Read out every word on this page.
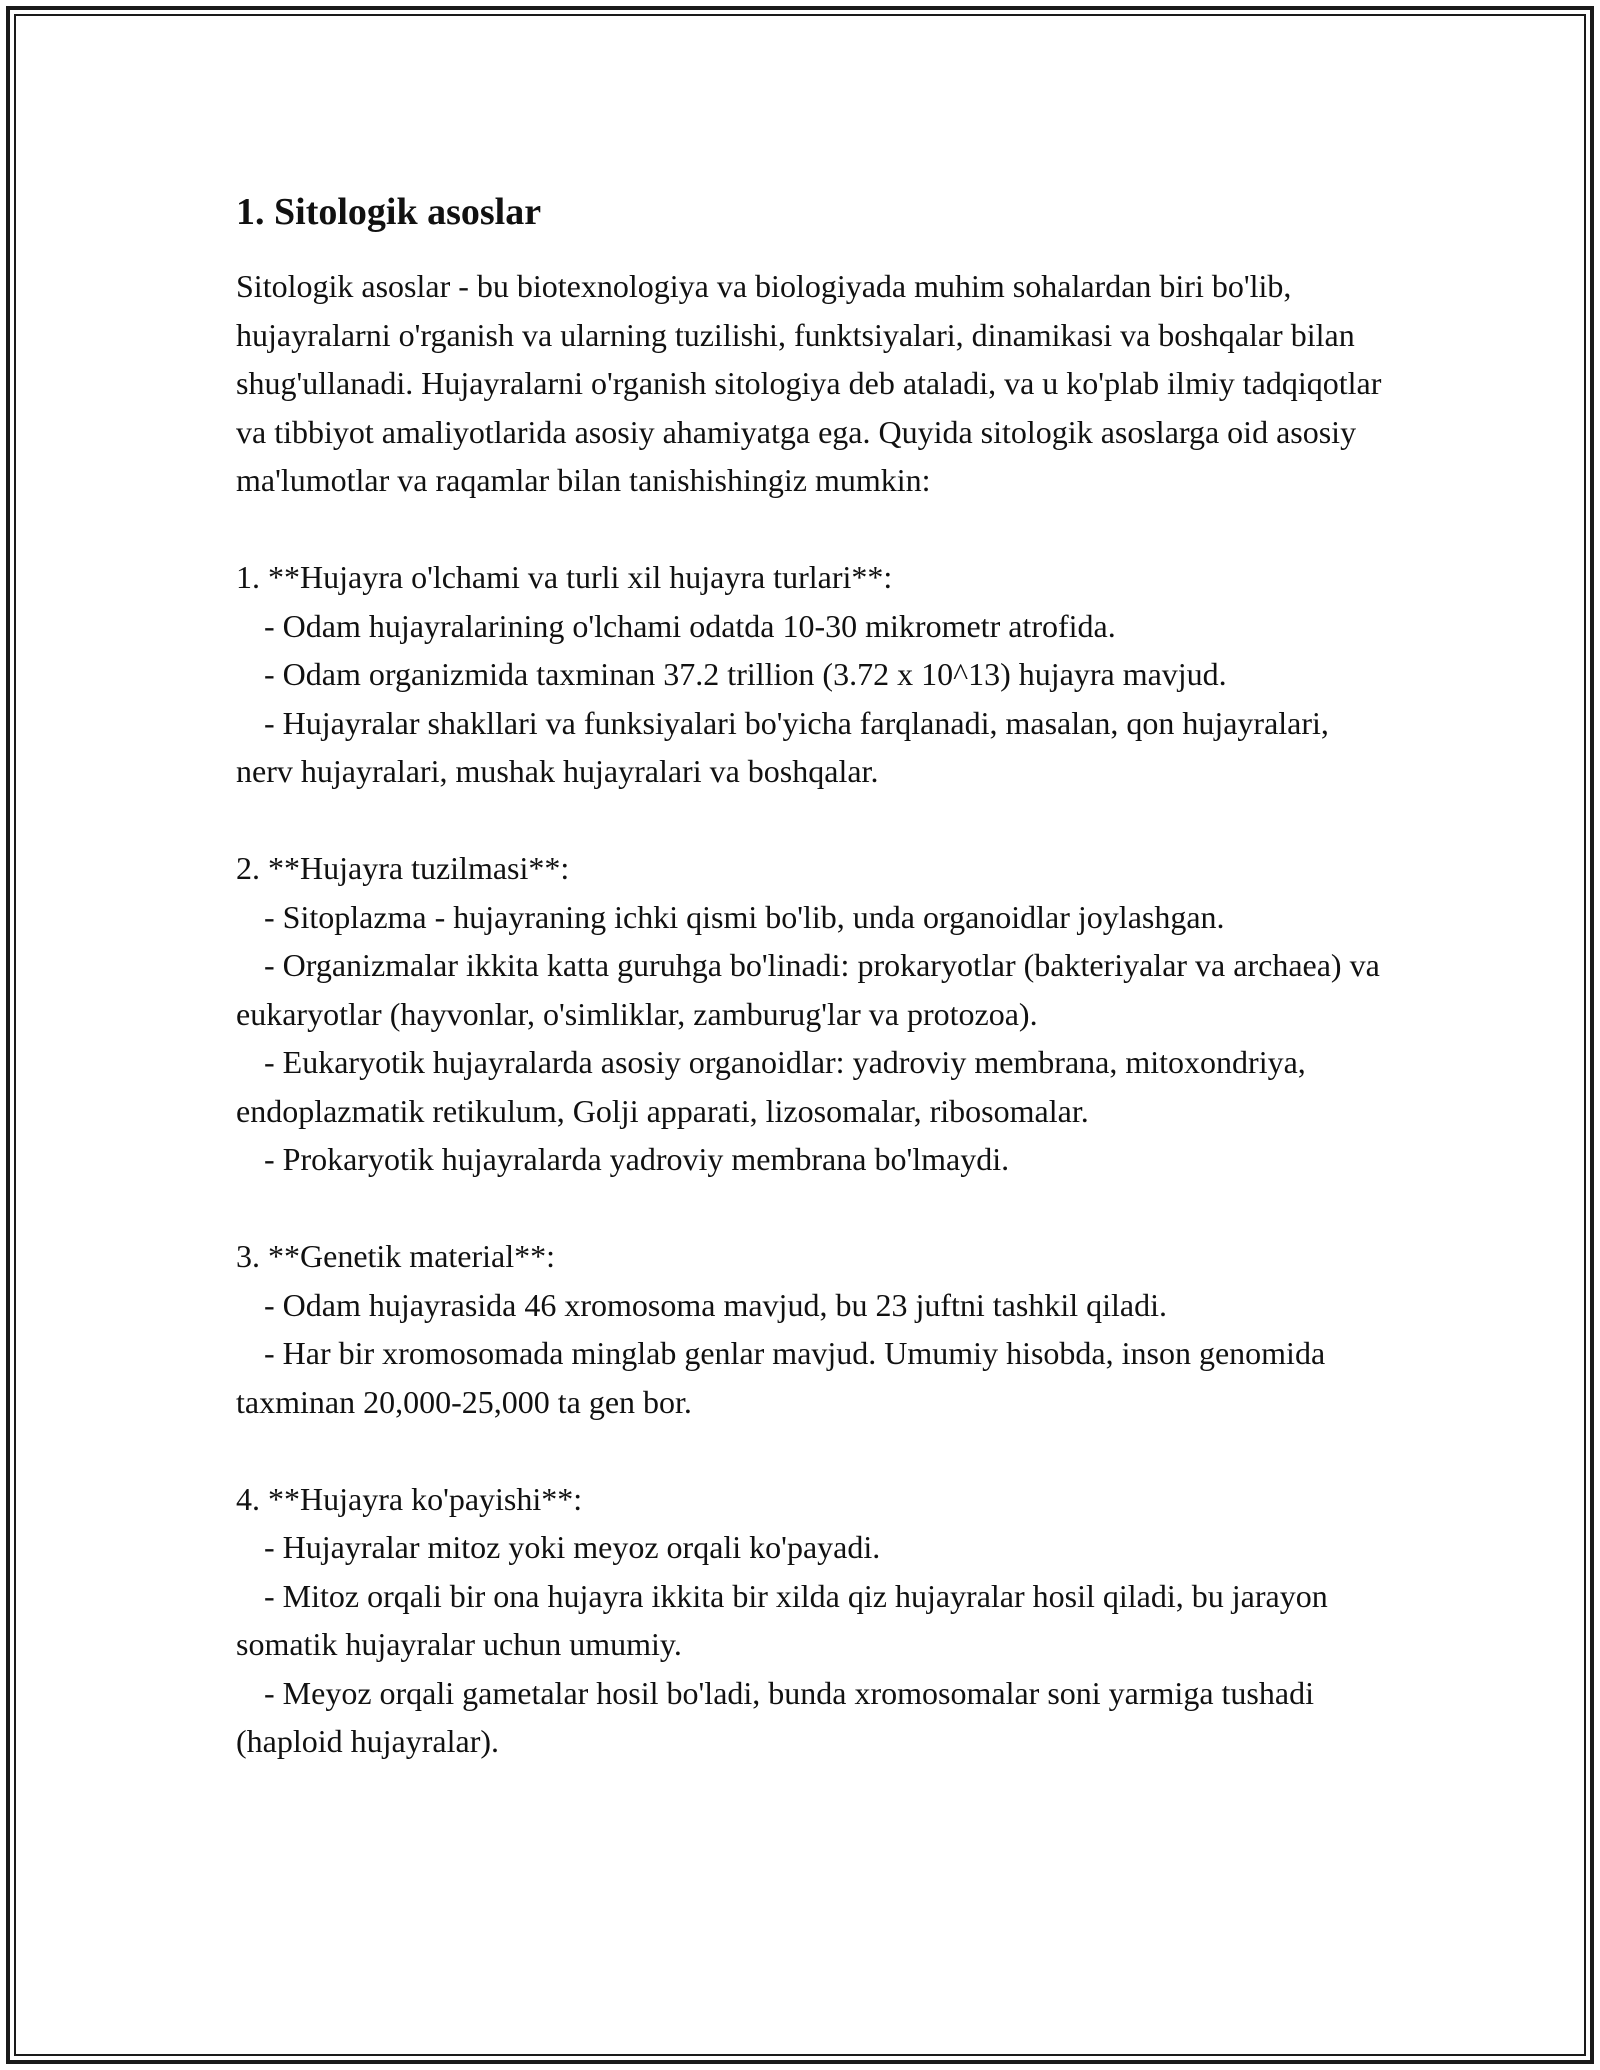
1. Sitologik asoslar

Sitologik asoslar - bu biotexnologiya va biologiyada muhim sohalardan biri bo'lib, hujayralarni o'rganish va ularning tuzilishi, funktsiyalari, dinamikasi va boshqalar bilan shug'ullanadi. Hujayralarni o'rganish sitologiya deb ataladi, va u ko'plab ilmiy tadqiqotlar va tibbiyot amaliyotlarida asosiy ahamiyatga ega. Quyida sitologik asoslarga oid asosiy ma'lumotlar va raqamlar bilan tanishishingiz mumkin:

1. **Hujayra o'lchami va turli xil hujayra turlari**:

- Odam hujayralarining o'lchami odatda 10-30 mikrometr atrofida.

- Odam organizmida taxminan 37.2 trillion (3.72 x 10^13) hujayra mavjud.

- Hujayralar shakllari va funksiyalari bo'yicha farqlanadi, masalan, qon hujayralari, nerv hujayralari, mushak hujayralari va boshqalar.

2. **Hujayra tuzilmasi**:

- Sitoplazma - hujayraning ichki qismi bo'lib, unda organoidlar joylashgan.

- Organizmalar ikkita katta guruhga bo'linadi: prokaryotlar (bakteriyalar va archaea) va eukaryotlar (hayvonlar, o'simliklar, zamburug'lar va protozoa).

- Eukaryotik hujayralarda asosiy organoidlar: yadroviy membrana, mitoxondriya, endoplazmatik retikulum, Golji apparati, lizosomalar, ribosomalar.

- Prokaryotik hujayralarda yadroviy membrana bo'lmaydi.

3. **Genetik material**:

- Odam hujayrasida 46 xromosoma mavjud, bu 23 juftni tashkil qiladi.

- Har bir xromosomada minglab genlar mavjud. Umumiy hisobda, inson genomida taxminan 20,000-25,000 ta gen bor.

4. **Hujayra ko'payishi**:

- Hujayralar mitoz yoki meyoz orqali ko'payadi.

- Mitoz orqali bir ona hujayra ikkita bir xilda qiz hujayralar hosil qiladi, bu jarayon somatik hujayralar uchun umumiy.

- Meyoz orqali gametalar hosil bo'ladi, bunda xromosomalar soni yarmiga tushadi (haploid hujayralar).
